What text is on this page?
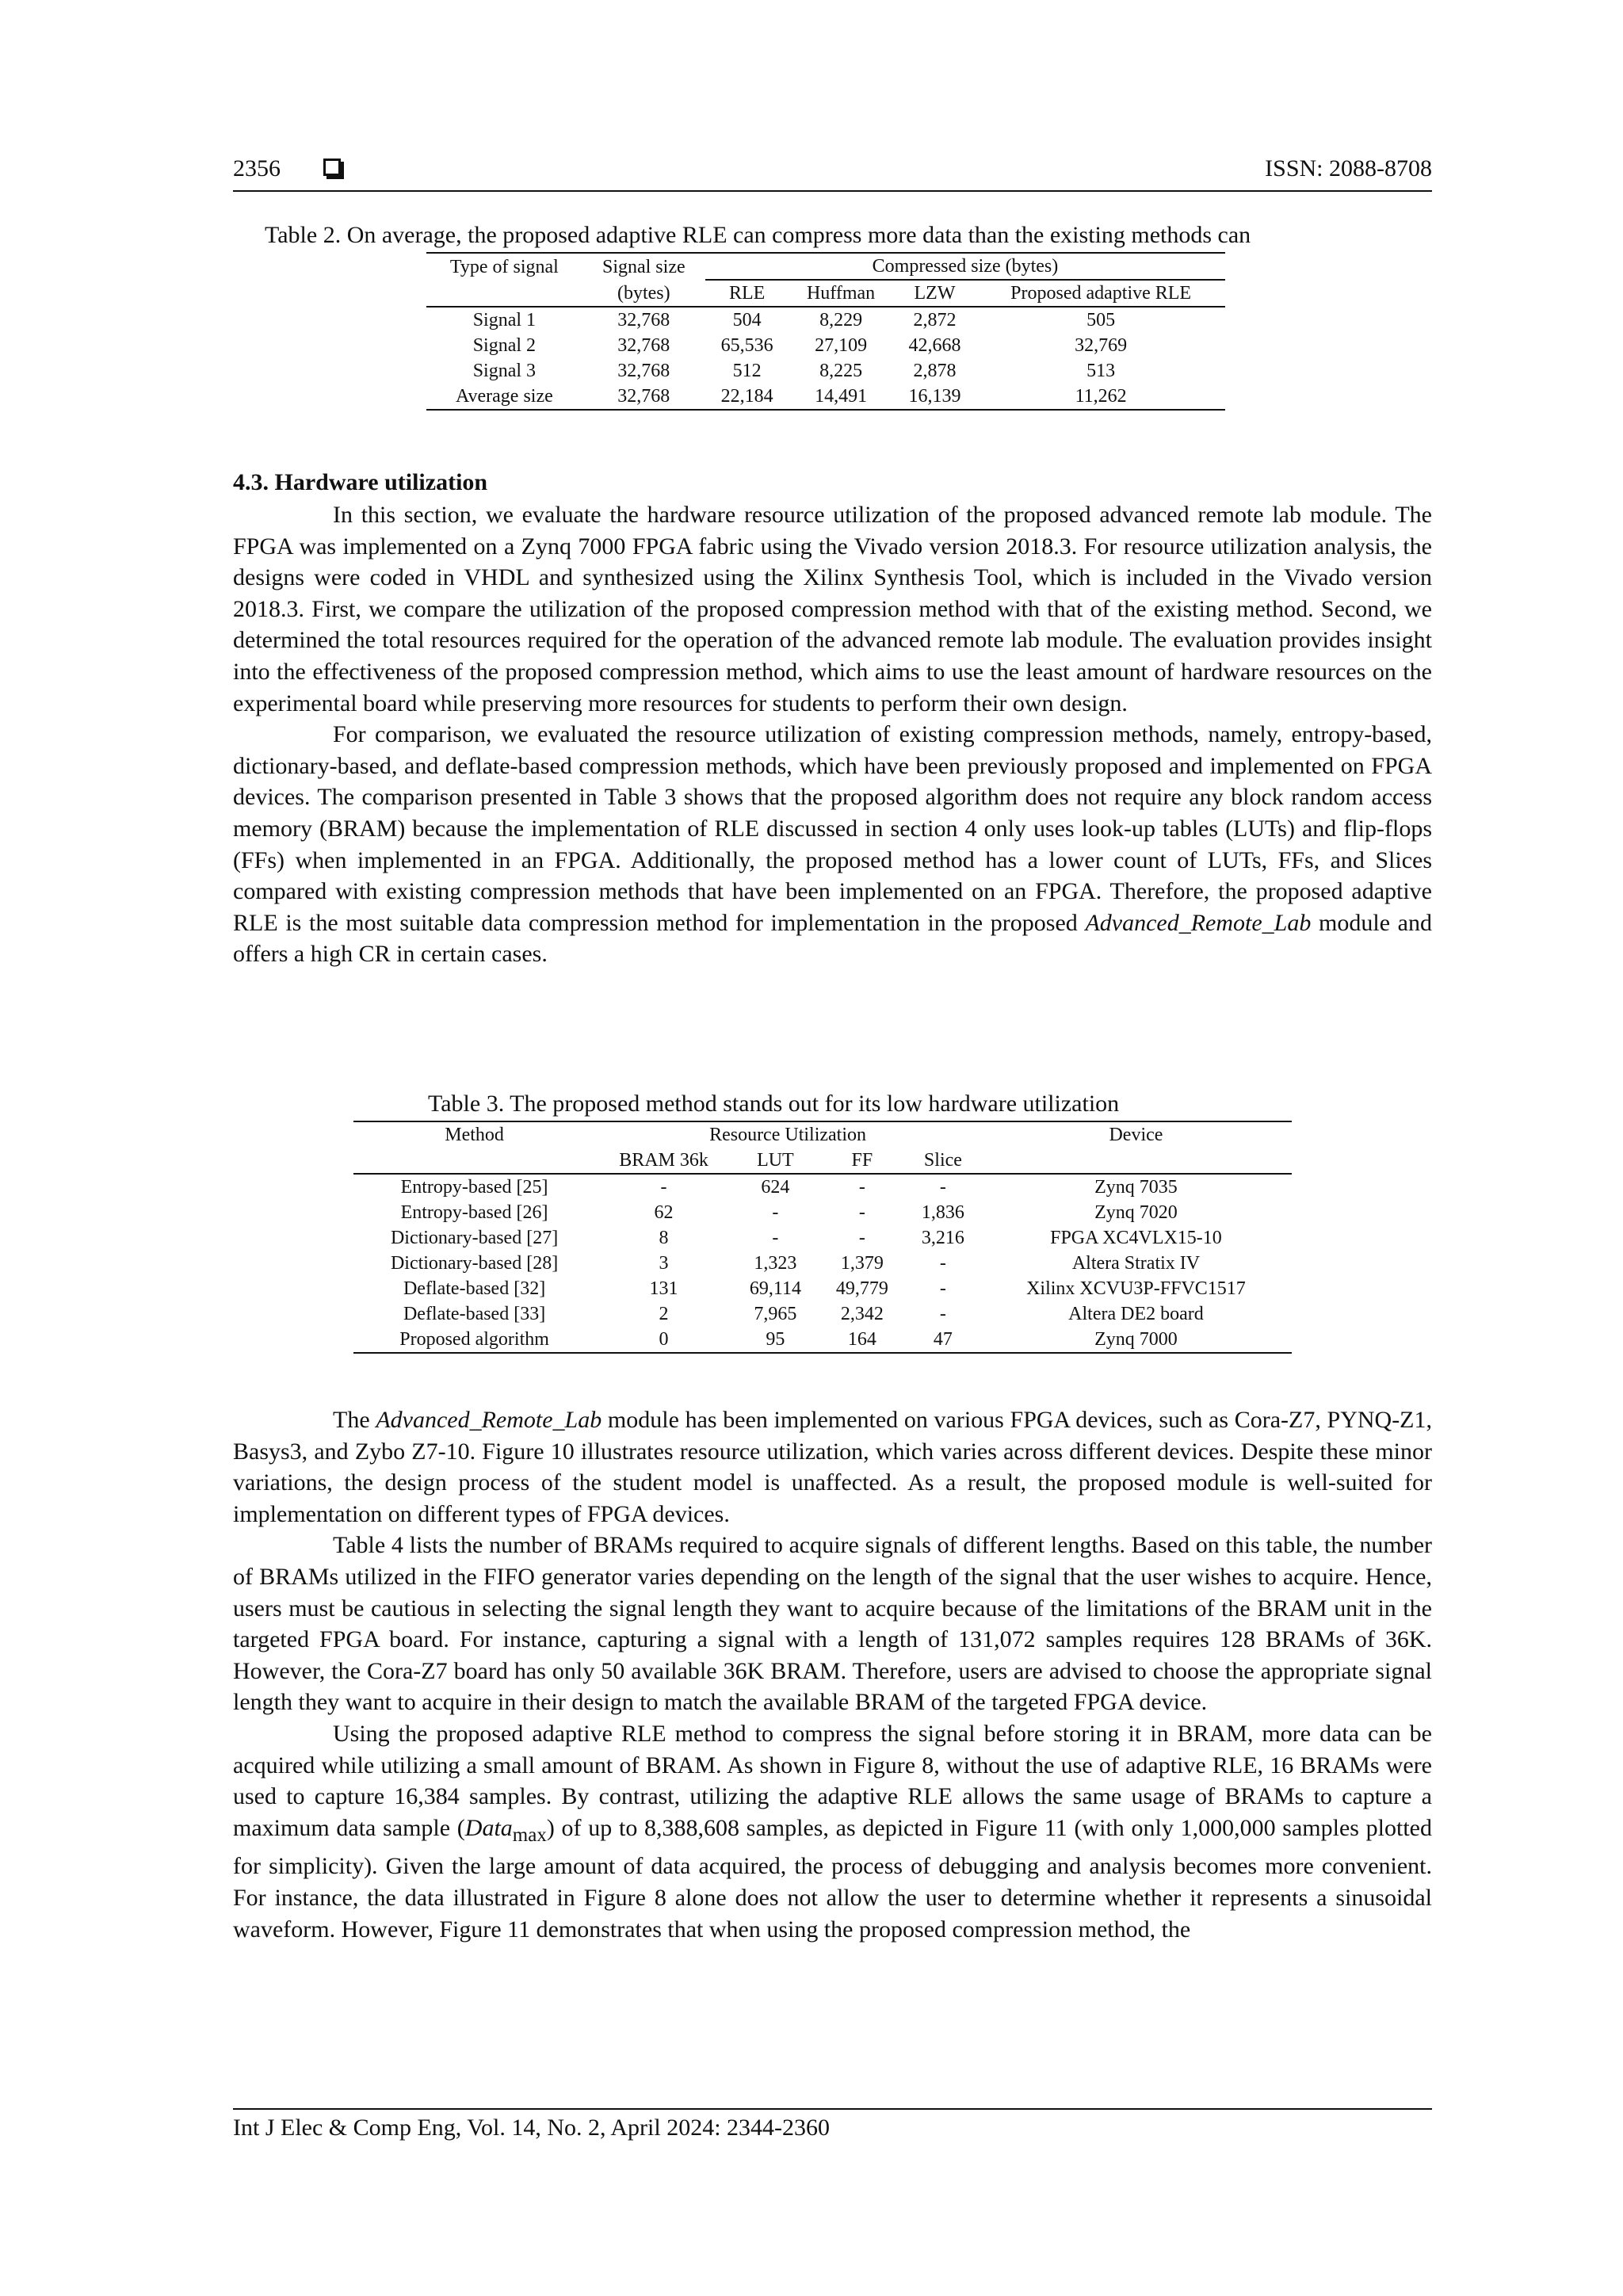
2356	ISSN: 2088-8708
Table 2. On average, the proposed adaptive RLE can compress more data than the existing methods can
Type of signal	Signal size	Compressed size (bytes)			
	(bytes)	RLE	Huffman	LZW	Proposed adaptive RLE
Signal 1	32,768	504	8,229	2,872	505
Signal 2	32,768	65,536	27,109	42,668	32,769
Signal 3	32,768	512	8,225	2,878	513
Average size	32,768	22,184	14,491	16,139	11,262
4.3. Hardware utilization

In this section, we evaluate the hardware resource utilization of the proposed advanced remote lab module. The FPGA was implemented on a Zynq 7000 FPGA fabric using the Vivado version 2018.3. For resource utilization analysis, the designs were coded in VHDL and synthesized using the Xilinx Synthesis Tool, which is included in the Vivado version 2018.3. First, we compare the utilization of the proposed compression method with that of the existing method. Second, we determined the total resources required for the operation of the advanced remote lab module. The evaluation provides insight into the effectiveness of the proposed compression method, which aims to use the least amount of hardware resources on the experimental board while preserving more resources for students to perform their own design.

For comparison, we evaluated the resource utilization of existing compression methods, namely, entropy-based, dictionary-based, and deflate-based compression methods, which have been previously proposed and implemented on FPGA devices. The comparison presented in Table 3 shows that the proposed algorithm does not require any block random access memory (BRAM) because the implementation of RLE discussed in section 4 only uses look-up tables (LUTs) and flip-flops (FFs) when implemented in an FPGA. Additionally, the proposed method has a lower count of LUTs, FFs, and Slices compared with existing compression methods that have been implemented on an FPGA. Therefore, the proposed adaptive RLE is the most suitable data compression method for implementation in the proposed Advanced_Remote_Lab module and offers a high CR in certain cases.

Table 3. The proposed method stands out for its low hardware utilization
Method	Resource Utilization				Device
	BRAM 36k	LUT	FF	Slice	
Entropy-based [25]	-	624	-	-	Zynq 7035
Entropy-based [26]	62	-	-	1,836	Zynq 7020
Dictionary-based [27]	8	-	-	3,216	FPGA XC4VLX15-10
Dictionary-based [28]	3	1,323	1,379	-	Altera Stratix IV
Deflate-based [32]	131	69,114	49,779	-	Xilinx XCVU3P-FFVC1517
Deflate-based [33]	2	7,965	2,342	-	Altera DE2 board
Proposed algorithm	0	95	164	47	Zynq 7000

The Advanced_Remote_Lab module has been implemented on various FPGA devices, such as Cora-Z7, PYNQ-Z1, Basys3, and Zybo Z7-10. Figure 10 illustrates resource utilization, which varies across different devices. Despite these minor variations, the design process of the student model is unaffected. As a result, the proposed module is well-suited for implementation on different types of FPGA devices.

Table 4 lists the number of BRAMs required to acquire signals of different lengths. Based on this table, the number of BRAMs utilized in the FIFO generator varies depending on the length of the signal that the user wishes to acquire. Hence, users must be cautious in selecting the signal length they want to acquire because of the limitations of the BRAM unit in the targeted FPGA board. For instance, capturing a signal with a length of 131,072 samples requires 128 BRAMs of 36K. However, the Cora-Z7 board has only 50 available 36K BRAM. Therefore, users are advised to choose the appropriate signal length they want to acquire in their design to match the available BRAM of the targeted FPGA device.

Using the proposed adaptive RLE method to compress the signal before storing it in BRAM, more data can be acquired while utilizing a small amount of BRAM. As shown in Figure 8, without the use of adaptive RLE, 16 BRAMs were used to capture 16,384 samples. By contrast, utilizing the adaptive RLE allows the same usage of BRAMs to capture a maximum data sample (Data$_{max}$) of up to 8,388,608 samples, as depicted in Figure 11 (with only 1,000,000 samples plotted for simplicity). Given the large amount of data acquired, the process of debugging and analysis becomes more convenient. For instance, the data illustrated in Figure 8 alone does not allow the user to determine whether it represents a sinusoidal waveform. However, Figure 11 demonstrates that when using the proposed compression method, the

Int J Elec & Comp Eng, Vol. 14, No. 2, April 2024: 2344-2360
